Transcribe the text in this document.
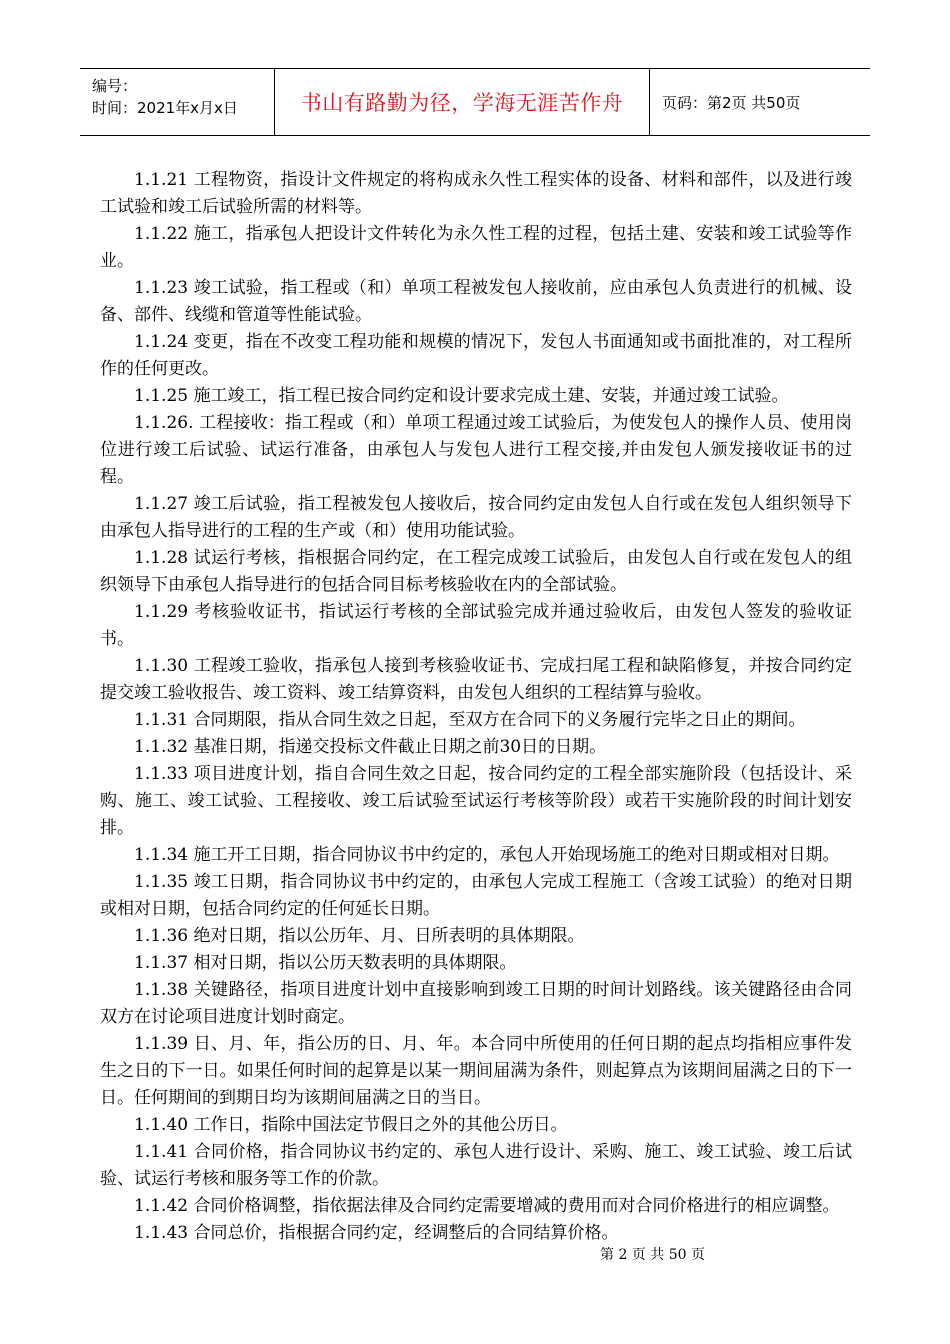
编号：
时间：2021年x月x日	书山有路勤为径，学海无涯苦作舟	页码：第2页 共50页

1.1.21 工程物资，指设计文件规定的将构成永久性工程实体的设备、材料和部件，以及进行竣工试验和竣工后试验所需的材料等。

1.1.22 施工，指承包人把设计文件转化为永久性工程的过程，包括土建、安装和竣工试验等作业。

1.1.23 竣工试验，指工程或（和）单项工程被发包人接收前，应由承包人负责进行的机械、设备、部件、线缆和管道等性能试验。

1.1.24 变更，指在不改变工程功能和规模的情况下，发包人书面通知或书面批准的，对工程所作的任何更改。

1.1.25 施工竣工，指工程已按合同约定和设计要求完成土建、安装，并通过竣工试验。

1.1.26. 工程接收：指工程或（和）单项工程通过竣工试验后，为使发包人的操作人员、使用岗位进行竣工后试验、试运行准备，由承包人与发包人进行工程交接,并由发包人颁发接收证书的过程。

1.1.27 竣工后试验，指工程被发包人接收后，按合同约定由发包人自行或在发包人组织领导下由承包人指导进行的工程的生产或（和）使用功能试验。

1.1.28 试运行考核，指根据合同约定，在工程完成竣工试验后，由发包人自行或在发包人的组织领导下由承包人指导进行的包括合同目标考核验收在内的全部试验。

1.1.29 考核验收证书，指试运行考核的全部试验完成并通过验收后，由发包人签发的验收证书。

1.1.30 工程竣工验收，指承包人接到考核验收证书、完成扫尾工程和缺陷修复，并按合同约定提交竣工验收报告、竣工资料、竣工结算资料，由发包人组织的工程结算与验收。

1.1.31 合同期限，指从合同生效之日起，至双方在合同下的义务履行完毕之日止的期间。

1.1.32 基准日期，指递交投标文件截止日期之前30日的日期。

1.1.33 项目进度计划，指自合同生效之日起，按合同约定的工程全部实施阶段（包括设计、采购、施工、竣工试验、工程接收、竣工后试验至试运行考核等阶段）或若干实施阶段的时间计划安排。

1.1.34 施工开工日期，指合同协议书中约定的，承包人开始现场施工的绝对日期或相对日期。

1.1.35 竣工日期，指合同协议书中约定的，由承包人完成工程施工（含竣工试验）的绝对日期或相对日期，包括合同约定的任何延长日期。

1.1.36 绝对日期，指以公历年、月、日所表明的具体期限。

1.1.37 相对日期，指以公历天数表明的具体期限。

1.1.38 关键路径，指项目进度计划中直接影响到竣工日期的时间计划路线。该关键路径由合同双方在讨论项目进度计划时商定。

1.1.39 日、月、年，指公历的日、月、年。本合同中所使用的任何日期的起点均指相应事件发生之日的下一日。如果任何时间的起算是以某一期间届满为条件，则起算点为该期间届满之日的下一日。任何期间的到期日均为该期间届满之日的当日。

1.1.40 工作日，指除中国法定节假日之外的其他公历日。

1.1.41 合同价格，指合同协议书约定的、承包人进行设计、采购、施工、竣工试验、竣工后试验、试运行考核和服务等工作的价款。

1.1.42 合同价格调整，指依据法律及合同约定需要增减的费用而对合同价格进行的相应调整。

1.1.43 合同总价，指根据合同约定，经调整后的合同结算价格。

第 2 页 共 50 页
